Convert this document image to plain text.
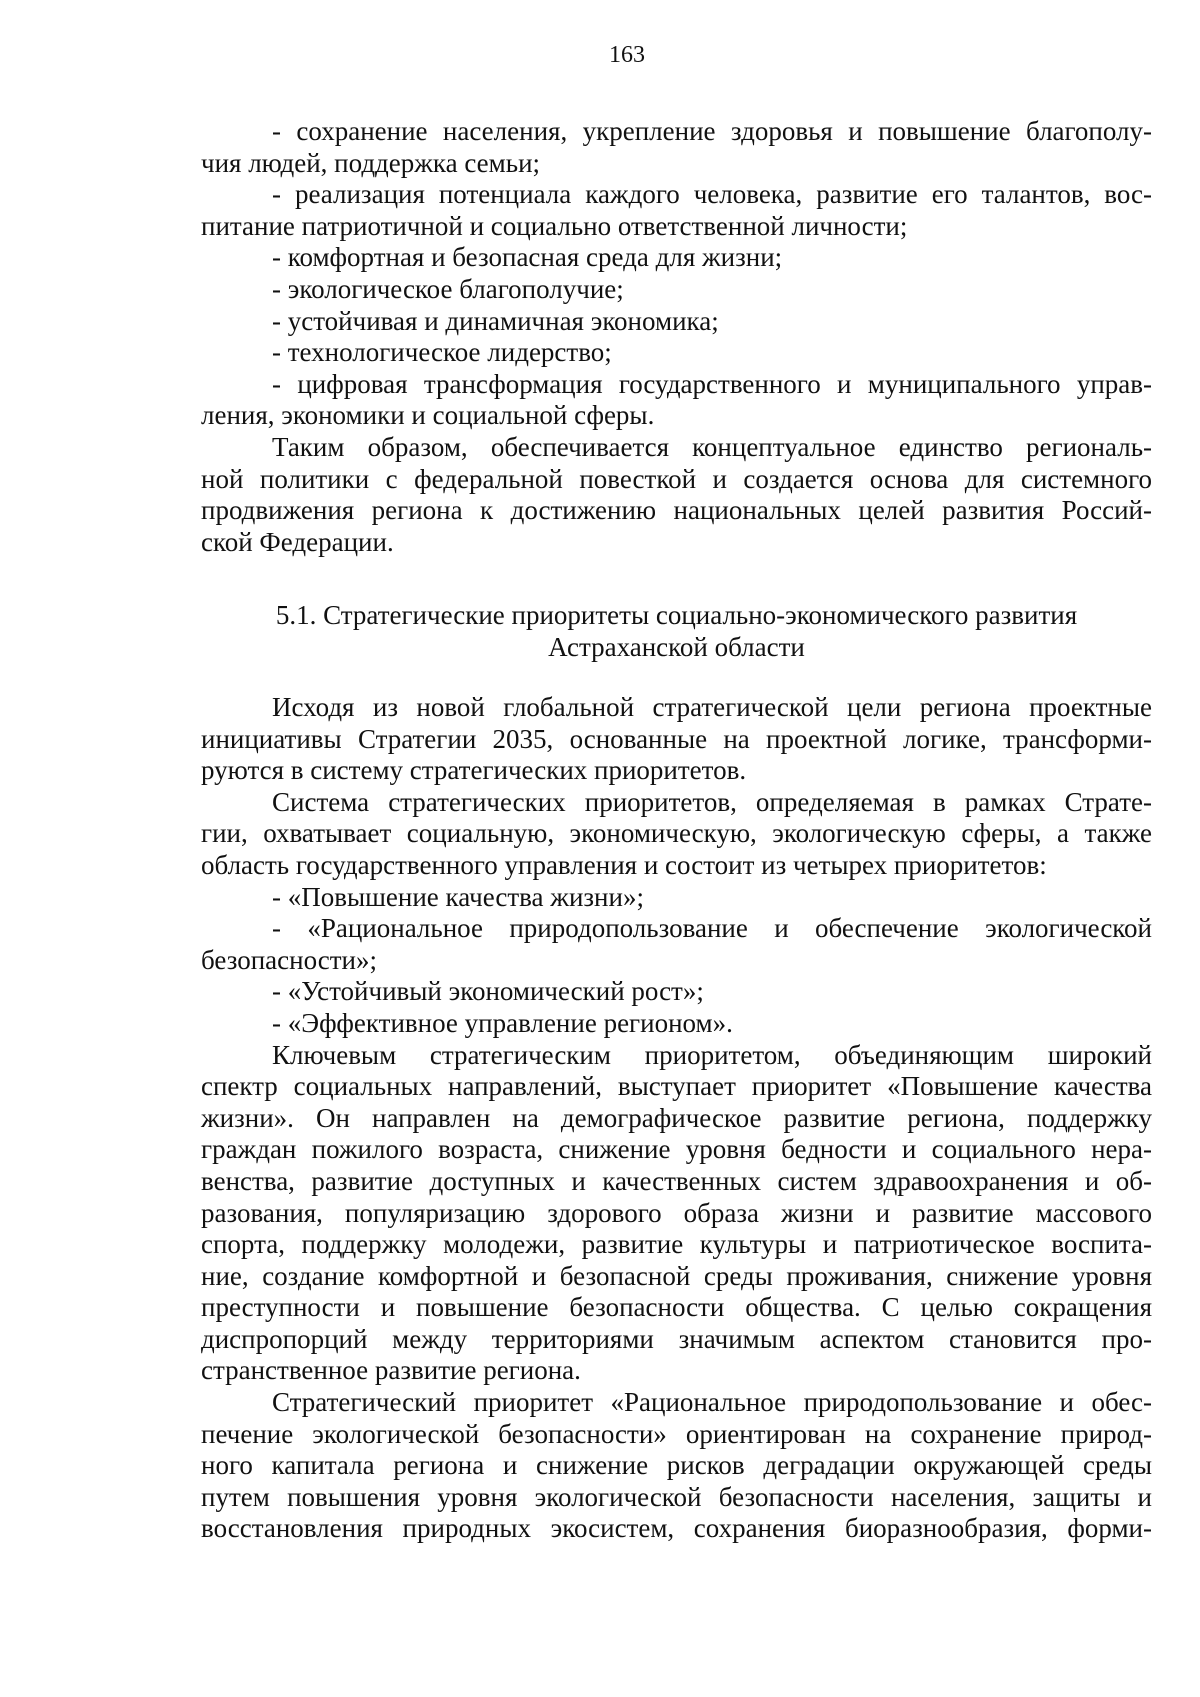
163
- сохранение населения, укрепление здоровья и повышение благополу-
чия людей, поддержка семьи;
- реализация потенциала каждого человека, развитие его талантов, вос-
питание патриотичной и социально ответственной личности;
- комфортная и безопасная среда для жизни;
- экологическое благополучие;
- устойчивая и динамичная экономика;
- технологическое лидерство;
- цифровая трансформация государственного и муниципального управ-
ления, экономики и социальной сферы.
Таким образом, обеспечивается концептуальное единство региональ-
ной политики с федеральной повесткой и создается основа для системного
продвижения региона к достижению национальных целей развития Россий-
ской Федерации.
5.1. Стратегические приоритеты социально-экономического развития
Астраханской области
Исходя из новой глобальной стратегической цели региона проектные
инициативы Стратегии 2035, основанные на проектной логике, трансформи-
руются в систему стратегических приоритетов.
Система стратегических приоритетов, определяемая в рамках Страте-
гии, охватывает социальную, экономическую, экологическую сферы, а также
область государственного управления и состоит из четырех приоритетов:
- «Повышение качества жизни»;
- «Рациональное природопользование и обеспечение экологической
безопасности»;
- «Устойчивый экономический рост»;
- «Эффективное управление регионом».
Ключевым стратегическим приоритетом, объединяющим широкий
спектр социальных направлений, выступает приоритет «Повышение качества
жизни». Он направлен на демографическое развитие региона, поддержку
граждан пожилого возраста, снижение уровня бедности и социального нера-
венства, развитие доступных и качественных систем здравоохранения и об-
разования, популяризацию здорового образа жизни и развитие массового
спорта, поддержку молодежи, развитие культуры и патриотическое воспита-
ние, создание комфортной и безопасной среды проживания, снижение уровня
преступности и повышение безопасности общества. С целью сокращения
диспропорций между территориями значимым аспектом становится про-
странственное развитие региона.
Стратегический приоритет «Рациональное природопользование и обес-
печение экологической безопасности» ориентирован на сохранение природ-
ного капитала региона и снижение рисков деградации окружающей среды
путем повышения уровня экологической безопасности населения, защиты и
восстановления природных экосистем, сохранения биоразнообразия, форми-
